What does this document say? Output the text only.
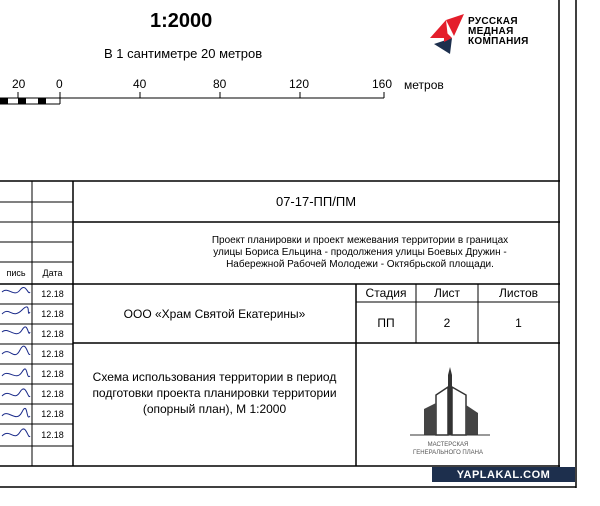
1:2000
В 1 сантиметре 20 метров
20	0	40	80	120	160 метров
РУССКАЯ
МЕДНАЯ
КОМПАНИЯ
пись	Дата
12.18
12.18
12.18
12.18
12.18
12.18
12.18
12.18
07-17-ПП/ПМ
Проект планировки и проект межевания территории в границах улицы Бориса Ельцина - продолжения улицы Боевых Дружин - Набережной Рабочей Молодежи - Октябрьской площади.
ООО «Храм Святой Екатерины»
Стадия	Лист	Листов
ПП	2	1
Схема использования территории в период подготовки проекта планировки территории (опорный план), М 1:2000
МАСТЕРСКАЯ ГЕНЕРАЛЬНОГО ПЛАНА
YAPLAKAL.COM
